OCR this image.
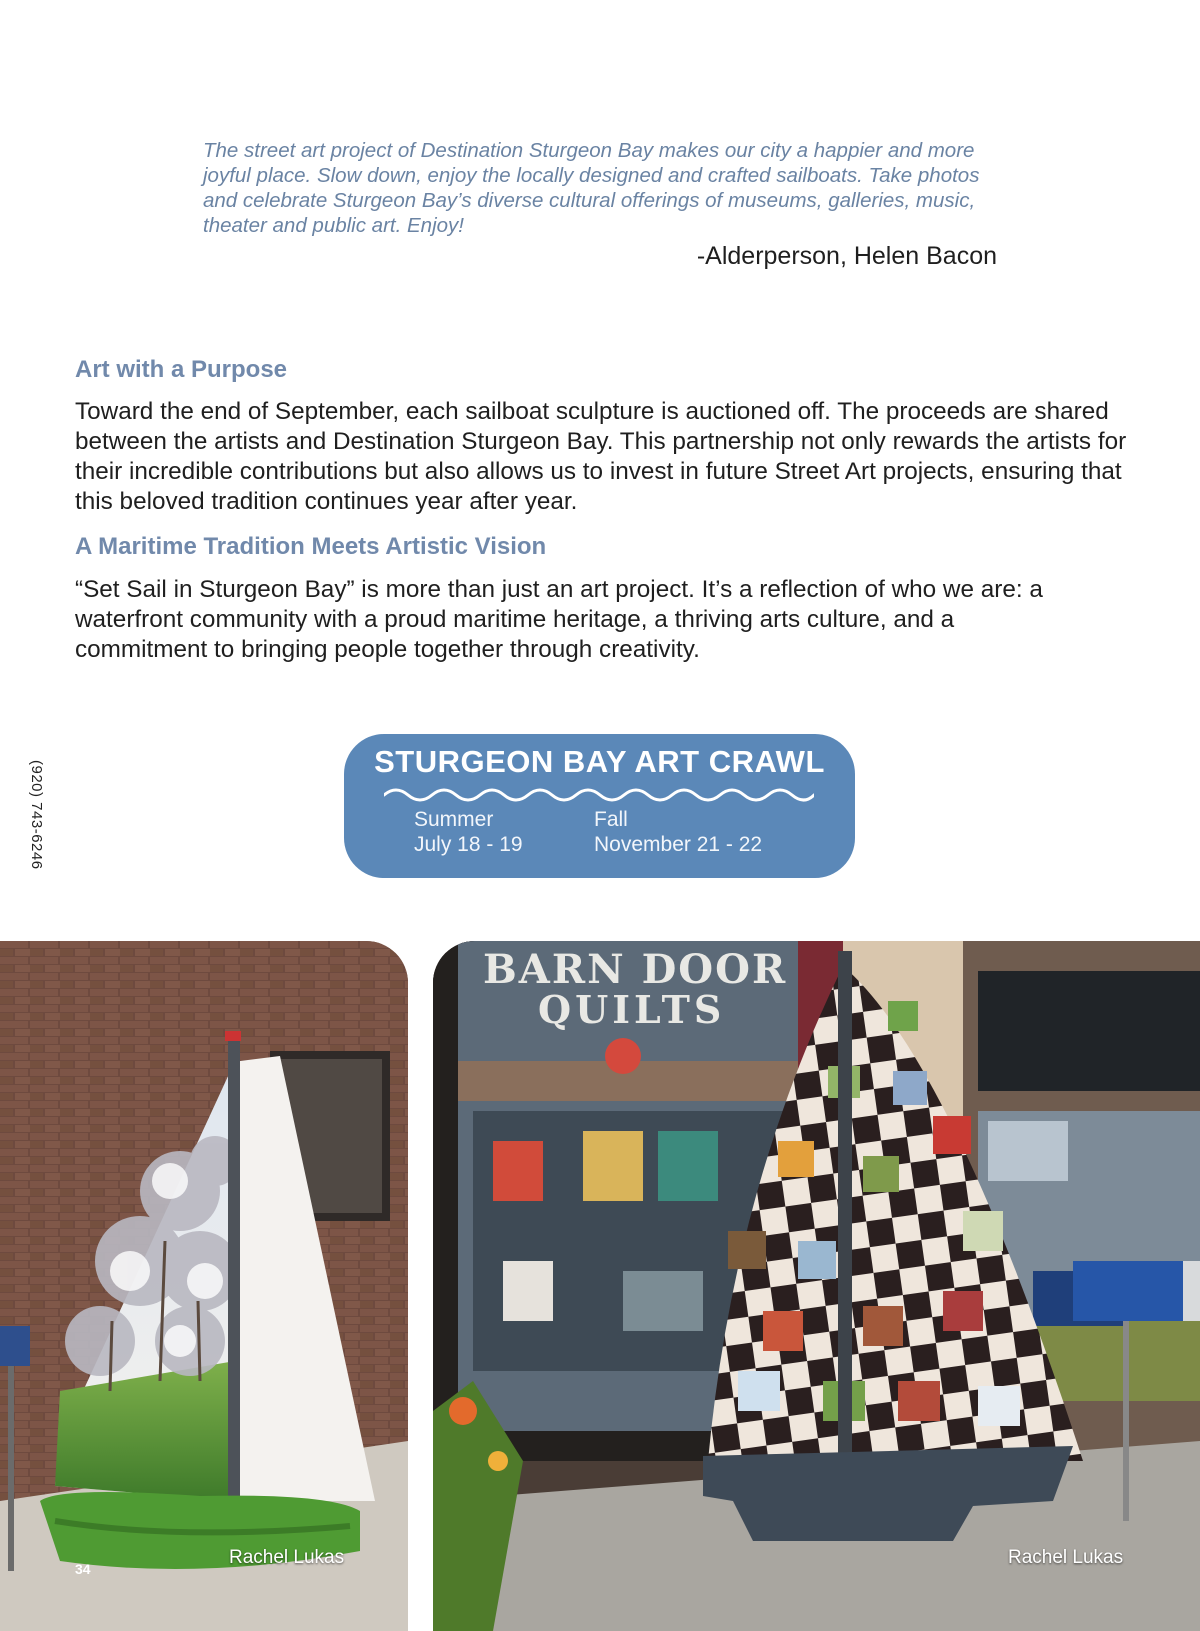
The street art project of Destination Sturgeon Bay makes our city a happier and more joyful place. Slow down, enjoy the locally designed and crafted sailboats. Take photos and celebrate Sturgeon Bay’s diverse cultural offerings of museums, galleries, music, theater and public art. Enjoy!

-Alderperson, Helen Bacon
Art with a Purpose

Toward the end of September, each sailboat sculpture is auctioned off. The proceeds are shared between the artists and Destination Sturgeon Bay. This partnership not only rewards the artists for their incredible contributions but also allows us to invest in future Street Art projects, ensuring that this beloved tradition continues year after year.

A Maritime Tradition Meets Artistic Vision

“Set Sail in Sturgeon Bay” is more than just an art project. It’s a reflection of who we are: a waterfront community with a proud maritime heritage, a thriving arts culture, and a commitment to bringing people together through creativity.

(920) 743-6246	STURGEON BAY ART CRAWL
Summer
July 18 - 19
Fall
November 21 - 22
Rachel Lukas
34
BARN DOOR
QUILTS
Rachel Lukas
